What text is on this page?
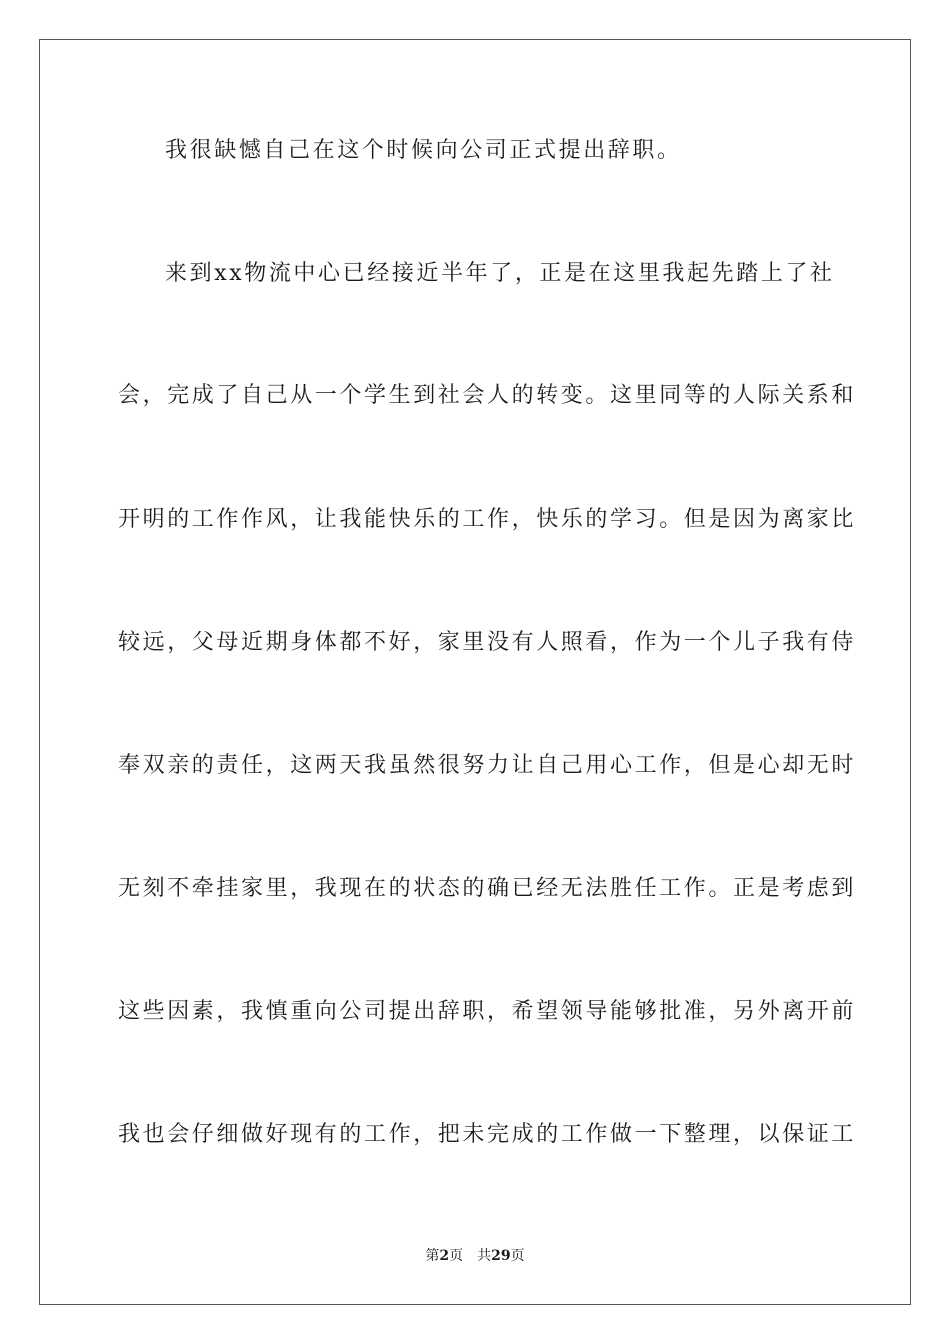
我很缺憾自己在这个时候向公司正式提出辞职。
来到xx物流中心已经接近半年了，正是在这里我起先踏上了社
会，完成了自己从一个学生到社会人的转变。这里同等的人际关系和
开明的工作作风，让我能快乐的工作，快乐的学习。但是因为离家比
较远，父母近期身体都不好，家里没有人照看，作为一个儿子我有侍
奉双亲的责任，这两天我虽然很努力让自己用心工作，但是心却无时
无刻不牵挂家里，我现在的状态的确已经无法胜任工作。正是考虑到
这些因素，我慎重向公司提出辞职，希望领导能够批准，另外离开前
我也会仔细做好现有的工作，把未完成的工作做一下整理，以保证工
第2页 共29页
